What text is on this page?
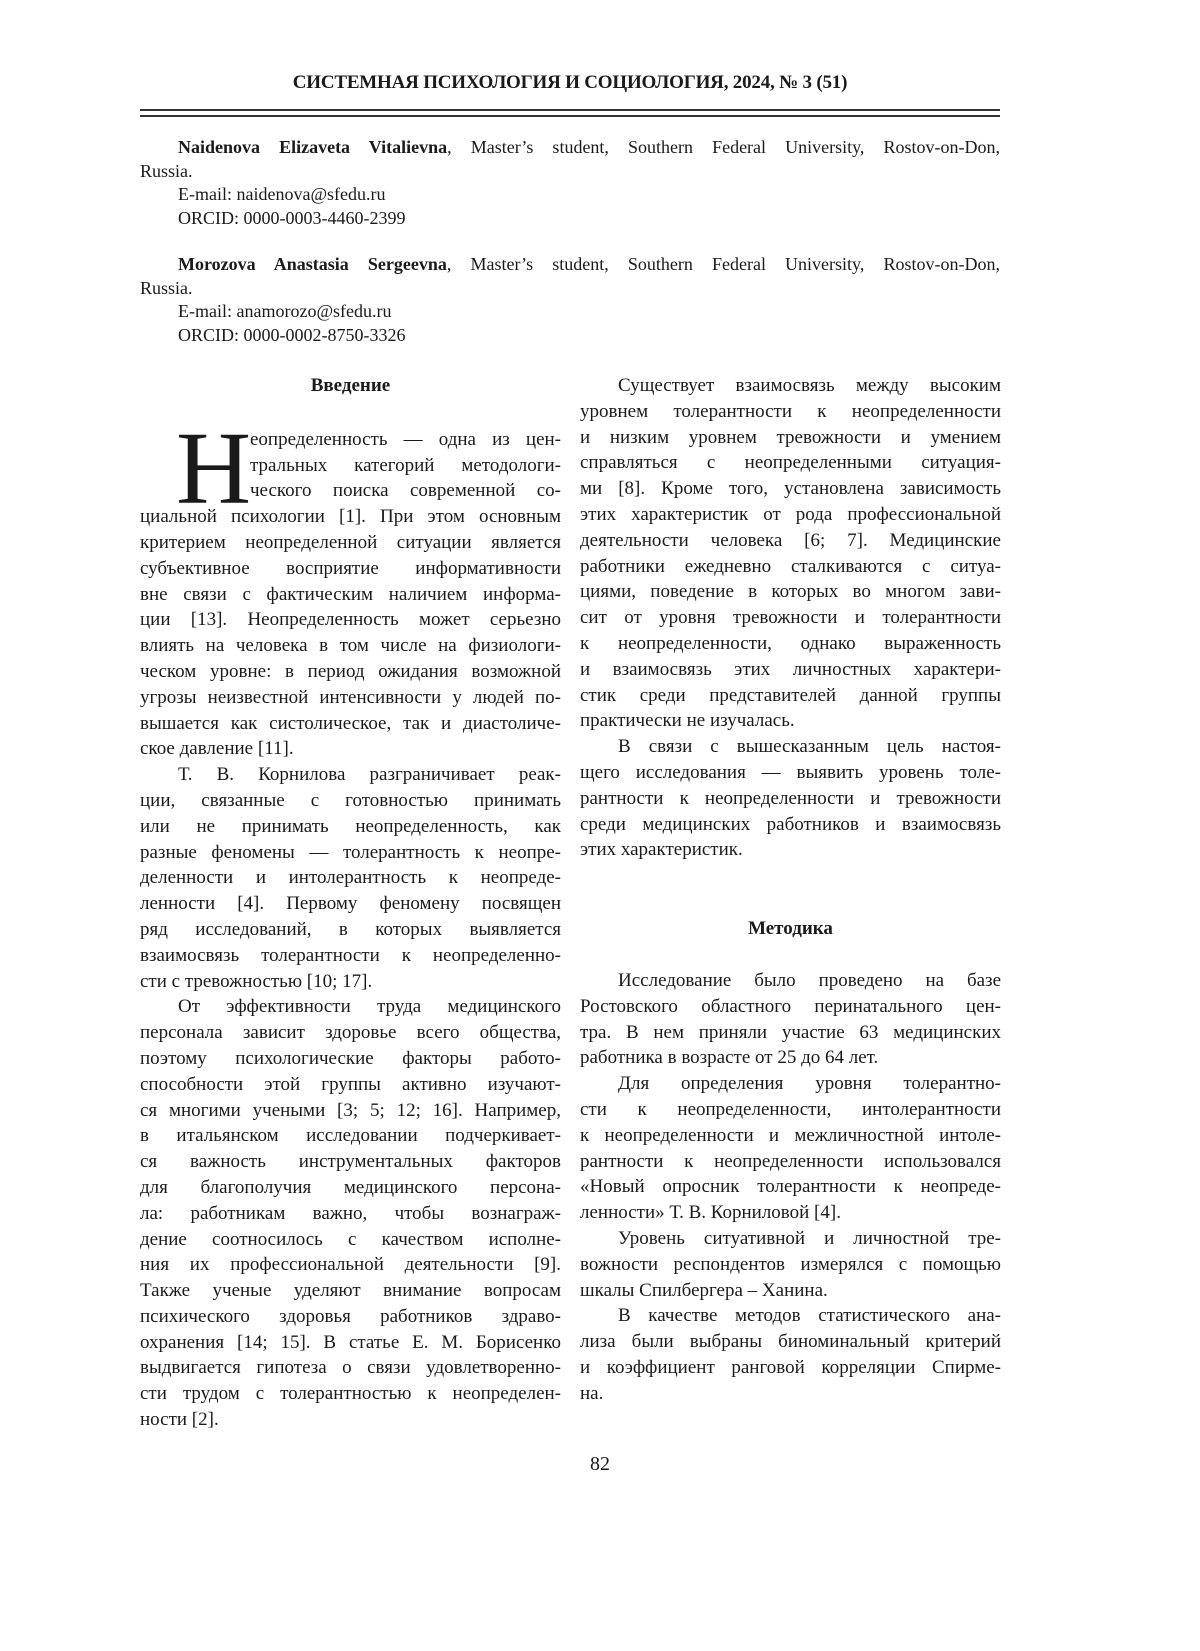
СИСТЕМНАЯ ПСИХОЛОГИЯ И СОЦИОЛОГИЯ, 2024, № 3 (51)
Naidenova Elizaveta Vitalievna, Master’s student, Southern Federal University, Rostov-on-Don,
Russia.
E-mail: naidenova@sfedu.ru
ORCID: 0000-0003-4460-2399
Morozova Anastasia Sergeevna, Master’s student, Southern Federal University, Rostov-on-Don,
Russia.
E-mail: anamorozo@sfedu.ru
ORCID: 0000-0002-8750-3326
Введение
Н
еопределенность — одна из цен-
тральных категорий методологи-
ческого поиска современной со-
циальной психологии [1]. При этом основным
критерием неопределенной ситуации является
субъективное восприятие информативности
вне связи с фактическим наличием информа-
ции [13]. Неопределенность может серьезно
влиять на человека в том числе на физиологи-
ческом уровне: в период ожидания возможной
угрозы неизвестной интенсивности у людей по-
вышается как систолическое, так и диастоличе-
ское давление [11].
Т. В. Корнилова разграничивает реак-
ции, связанные с готовностью принимать
или не принимать неопределенность, как
разные феномены — толерантность к неопре-
деленности и интолерантность к неопреде-
ленности [4]. Первому феномену посвящен
ряд исследований, в которых выявляется
взаимосвязь толерантности к неопределенно-
сти с тревожностью [10; 17].
От эффективности труда медицинского
персонала зависит здоровье всего общества,
поэтому психологические факторы работо-
способности этой группы активно изучают-
ся многими учеными [3; 5; 12; 16]. Например,
в итальянском исследовании подчеркивает-
ся важность инструментальных факторов
для благополучия медицинского персона-
ла: работникам важно, чтобы вознаграж-
дение соотносилось с качеством исполне-
ния их профессиональной деятельности [9].
Также ученые уделяют внимание вопросам
психического здоровья работников здраво-
охранения [14; 15]. В статье Е. М. Борисенко
выдвигается гипотеза о связи удовлетворенно-
сти трудом с толерантностью к неопределен-
ности [2].
Существует взаимосвязь между высоким
уровнем толерантности к неопределенности
и низким уровнем тревожности и умением
справляться с неопределенными ситуация-
ми [8]. Кроме того, установлена зависимость
этих характеристик от рода профессиональной
деятельности человека [6; 7]. Медицинские
работники ежедневно сталкиваются с ситуа-
циями, поведение в которых во многом зави-
сит от уровня тревожности и толерантности
к неопределенности, однако выраженность
и взаимосвязь этих личностных характери-
стик среди представителей данной группы
практически не изучалась.
В связи с вышесказанным цель настоя-
щего исследования — выявить уровень толе-
рантности к неопределенности и тревожности
среди медицинских работников и взаимосвязь
этих характеристик.
Методика
Исследование было проведено на базе
Ростовского областного перинатального цен-
тра. В нем приняли участие 63 медицинских
работника в возрасте от 25 до 64 лет.
Для определения уровня толерантно-
сти к неопределенности, интолерантности
к неопределенности и межличностной интоле-
рантности к неопределенности использовался
«Новый опросник толерантности к неопреде-
ленности» Т. В. Корниловой [4].
Уровень ситуативной и личностной тре-
вожности респондентов измерялся с помощью
шкалы Спилбергера – Ханина.
В качестве методов статистического ана-
лиза были выбраны биноминальный критерий
и коэффициент ранговой корреляции Спирме-
на.
82
